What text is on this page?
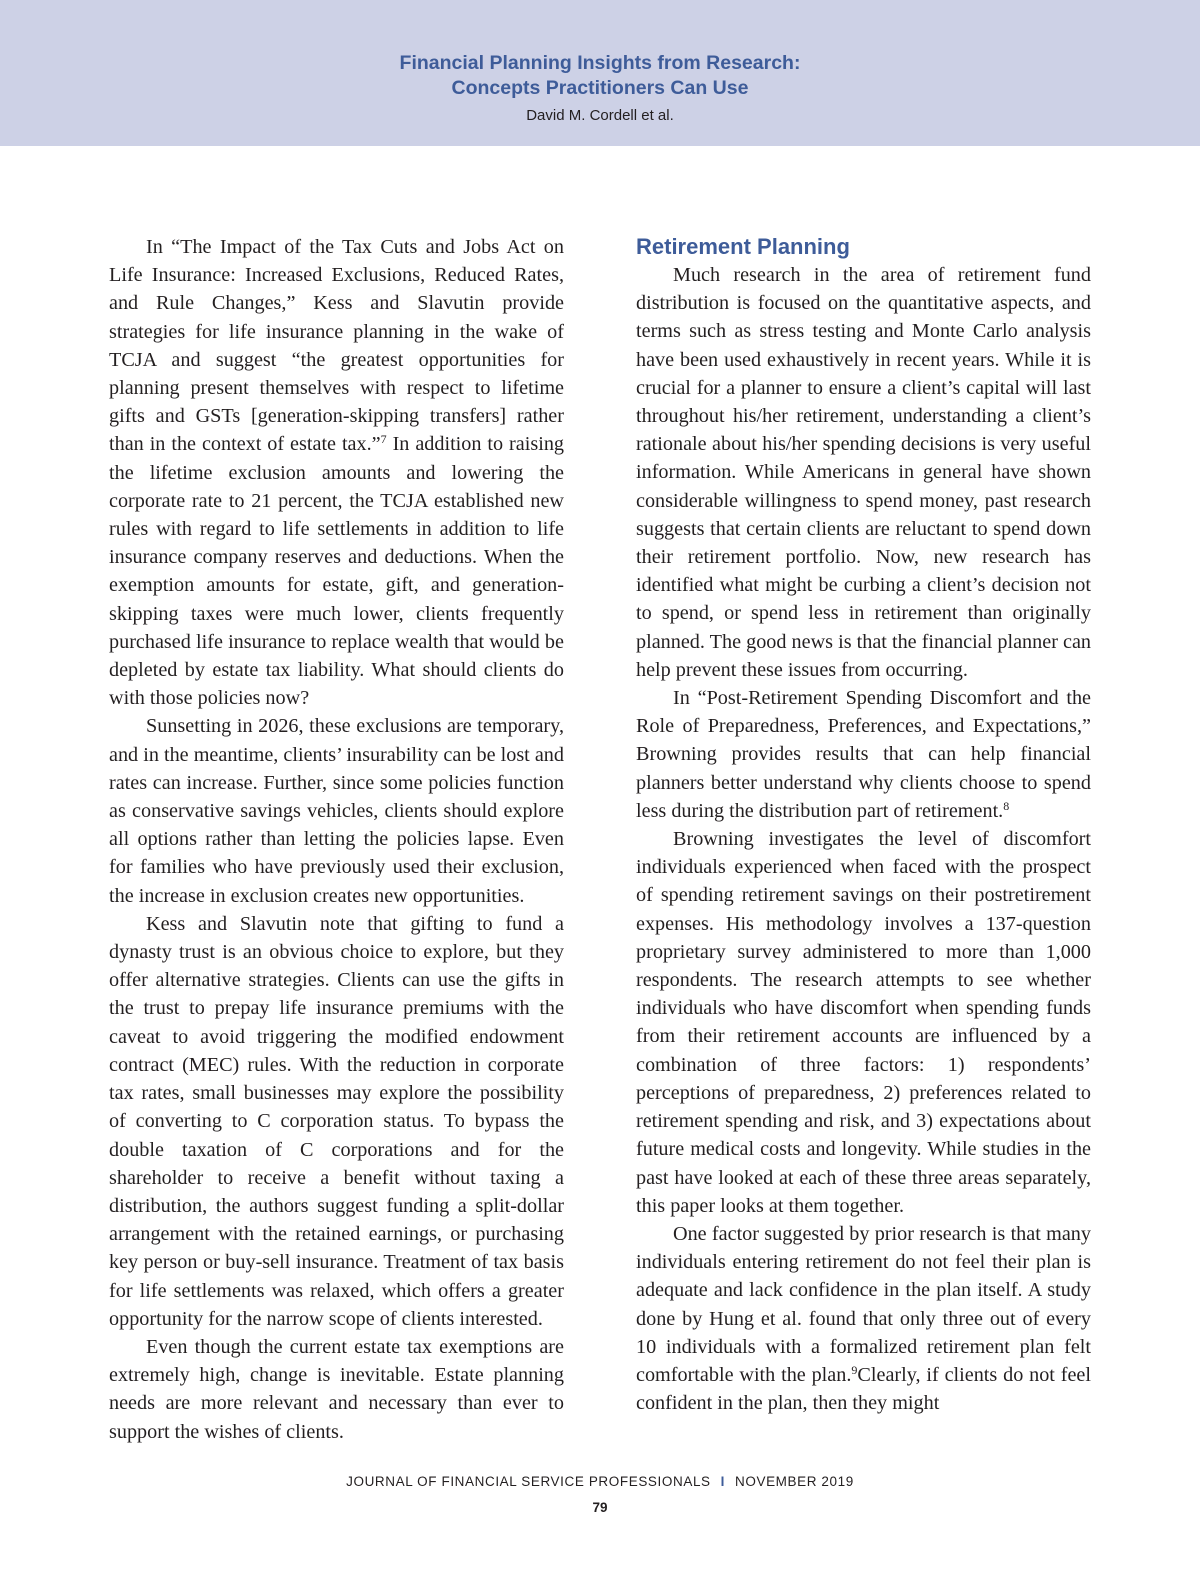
Financial Planning Insights from Research:
Concepts Practitioners Can Use
David M. Cordell et al.

In “The Impact of the Tax Cuts and Jobs Act on Life Insurance: Increased Exclusions, Reduced Rates, and Rule Changes,” Kess and Slavutin provide strategies for life insurance planning in the wake of TCJA and suggest “the greatest opportunities for planning present themselves with respect to lifetime gifts and GSTs [generation-skipping transfers] rather than in the context of estate tax.”$^7$ In addition to raising the lifetime exclusion amounts and lowering the corporate rate to 21 percent, the TCJA established new rules with regard to life settlements in addition to life insurance company reserves and deductions. When the exemption amounts for estate, gift, and generation-skipping taxes were much lower, clients frequently purchased life insurance to replace wealth that would be depleted by estate tax liability. What should clients do with those policies now?

Sunsetting in 2026, these exclusions are temporary, and in the meantime, clients’ insurability can be lost and rates can increase. Further, since some policies function as conservative savings vehicles, clients should explore all options rather than letting the policies lapse. Even for families who have previously used their exclusion, the increase in exclusion creates new opportunities.

Kess and Slavutin note that gifting to fund a dynasty trust is an obvious choice to explore, but they offer alternative strategies. Clients can use the gifts in the trust to prepay life insurance premiums with the caveat to avoid triggering the modified endowment contract (MEC) rules. With the reduction in corporate tax rates, small businesses may explore the possibility of converting to C corporation status. To bypass the double taxation of C corporations and for the shareholder to receive a benefit without taxing a distribution, the authors suggest funding a split-dollar arrangement with the retained earnings, or purchasing key person or buy-sell insurance. Treatment of tax basis for life settlements was relaxed, which offers a greater opportunity for the narrow scope of clients interested.

Even though the current estate tax exemptions are extremely high, change is inevitable. Estate planning needs are more relevant and necessary than ever to support the wishes of clients.

Retirement Planning

Much research in the area of retirement fund distribution is focused on the quantitative aspects, and terms such as stress testing and Monte Carlo analysis have been used exhaustively in recent years. While it is crucial for a planner to ensure a client’s capital will last throughout his/her retirement, understanding a client’s rationale about his/her spending decisions is very useful information. While Americans in general have shown considerable willingness to spend money, past research suggests that certain clients are reluctant to spend down their retirement portfolio. Now, new research has identified what might be curbing a client’s decision not to spend, or spend less in retirement than originally planned. The good news is that the financial planner can help prevent these issues from occurring.

In “Post-Retirement Spending Discomfort and the Role of Preparedness, Preferences, and Expectations,” Browning provides results that can help financial planners better understand why clients choose to spend less during the distribution part of retirement.$^8$

Browning investigates the level of discomfort individuals experienced when faced with the prospect of spending retirement savings on their postretirement expenses. His methodology involves a 137-question proprietary survey administered to more than 1,000 respondents. The research attempts to see whether individuals who have discomfort when spending funds from their retirement accounts are influenced by a combination of three factors: 1) respondents’ perceptions of preparedness, 2) preferences related to retirement spending and risk, and 3) expectations about future medical costs and longevity. While studies in the past have looked at each of these three areas separately, this paper looks at them together.

One factor suggested by prior research is that many individuals entering retirement do not feel their plan is adequate and lack confidence in the plan itself. A study done by Hung et al. found that only three out of every 10 individuals with a formalized retirement plan felt comfortable with the plan.$^9$Clearly, if clients do not feel confident in the plan, then they might

JOURNAL OF FINANCIAL SERVICE PROFESSIONALS I NOVEMBER 2019
79
